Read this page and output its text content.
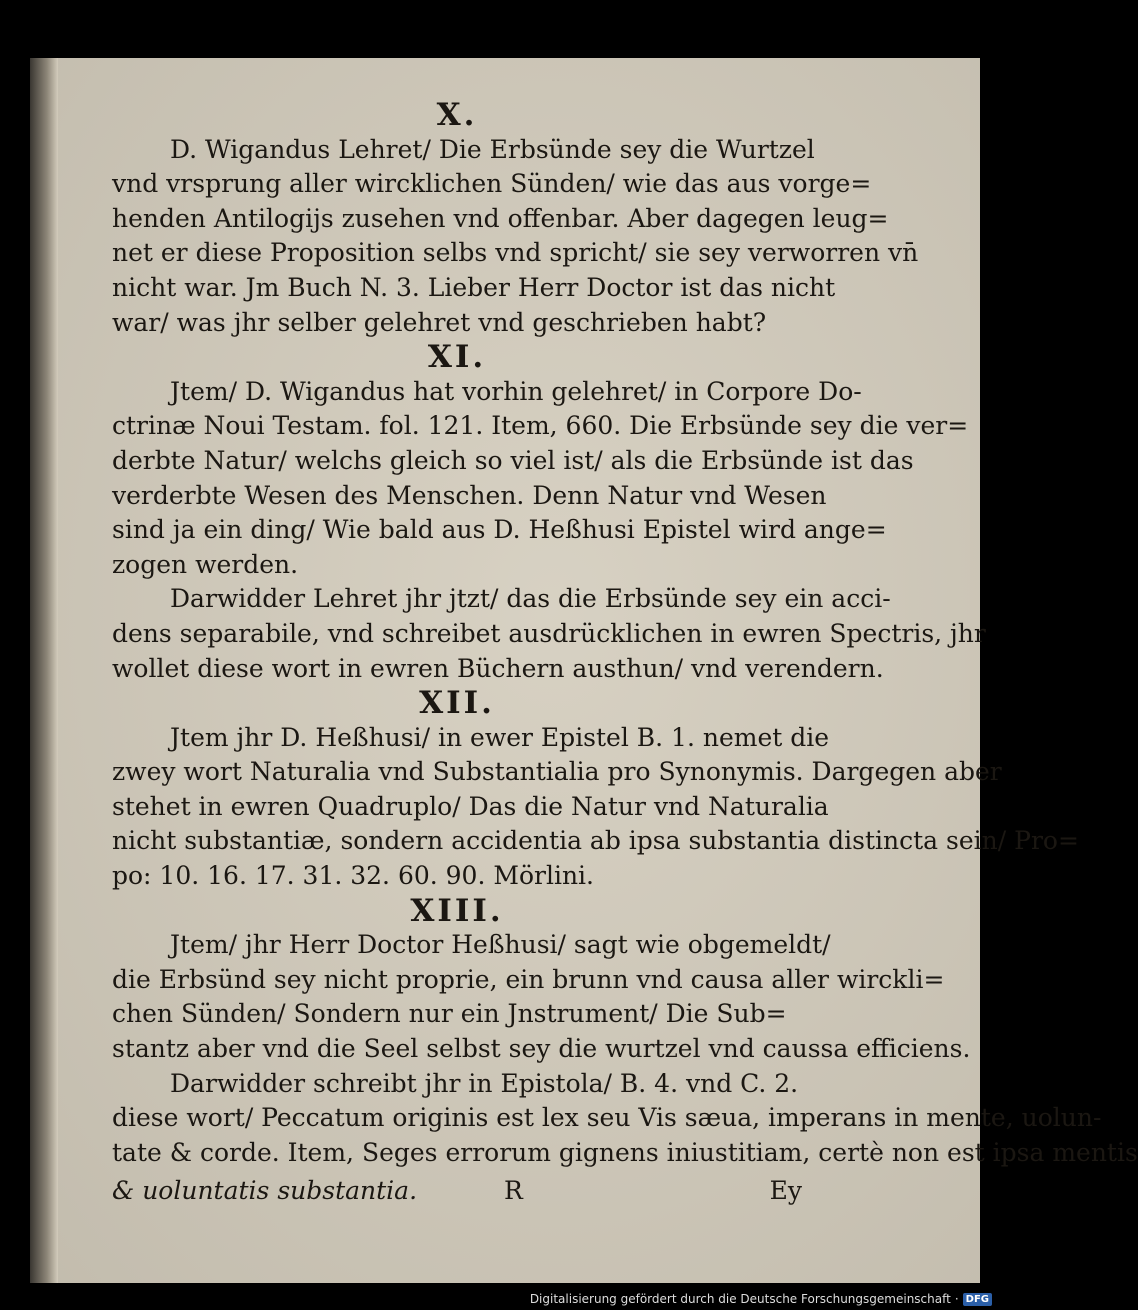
X.
D. Wigandus Lehret/ Die Erbsünde sey die Wurtzel
vnd vrsprung aller wircklichen Sünden/ wie das aus vorge=
henden Antilogijs zusehen vnd offenbar. Aber dagegen leug=
net er diese Proposition selbs vnd spricht/ sie sey verworren vn̄
nicht war. Jm Buch N. 3. Lieber Herr Doctor ist das nicht
war/ was jhr selber gelehret vnd geschrieben habt?
XI.
Jtem/ D. Wigandus hat vorhin gelehret/ in Corpore Do-
ctrinæ Noui Testam. fol. 121. Item, 660. Die Erbsünde sey die ver=
derbte Natur/ welchs gleich so viel ist/ als die Erbsünde ist das
verderbte Wesen des Menschen. Denn Natur vnd Wesen
sind ja ein ding/ Wie bald aus D. Heßhusi Epistel wird ange=
zogen werden.
Darwidder Lehret jhr jtzt/ das die Erbsünde sey ein acci-
dens separabile, vnd schreibet ausdrücklichen in ewren Spectris, jhr
wollet diese wort in ewren Büchern austhun/ vnd verendern.
XII.
Jtem jhr D. Heßhusi/ in ewer Epistel B. 1. nemet die
zwey wort Naturalia vnd Substantialia pro Synonymis. Dargegen aber
stehet in ewren Quadruplo/ Das die Natur vnd Naturalia
nicht substantiæ, sondern accidentia ab ipsa substantia distincta sein/ Pro=
po: 10. 16. 17. 31. 32. 60. 90. Mörlini.
XIII.
Jtem/ jhr Herr Doctor Heßhusi/ sagt wie obgemeldt/
die Erbsünd sey nicht proprie, ein brunn vnd causa aller wirckli=
chen Sünden/ Sondern nur ein Jnstrument/ Die Sub=
stantz aber vnd die Seel selbst sey die wurtzel vnd caussa efficiens.
Darwidder schreibt jhr in Epistola/ B. 4. vnd C. 2.
diese wort/ Peccatum originis est lex seu Vis sæua, imperans in mente, uolun-
tate & corde. Item, Seges errorum gignens iniustitiam, certè non est ipsa mentis
& uoluntatis substantia.	R	Ey
Digitalisierung gefördert durch die Deutsche Forschungsgemeinschaft · DFG
